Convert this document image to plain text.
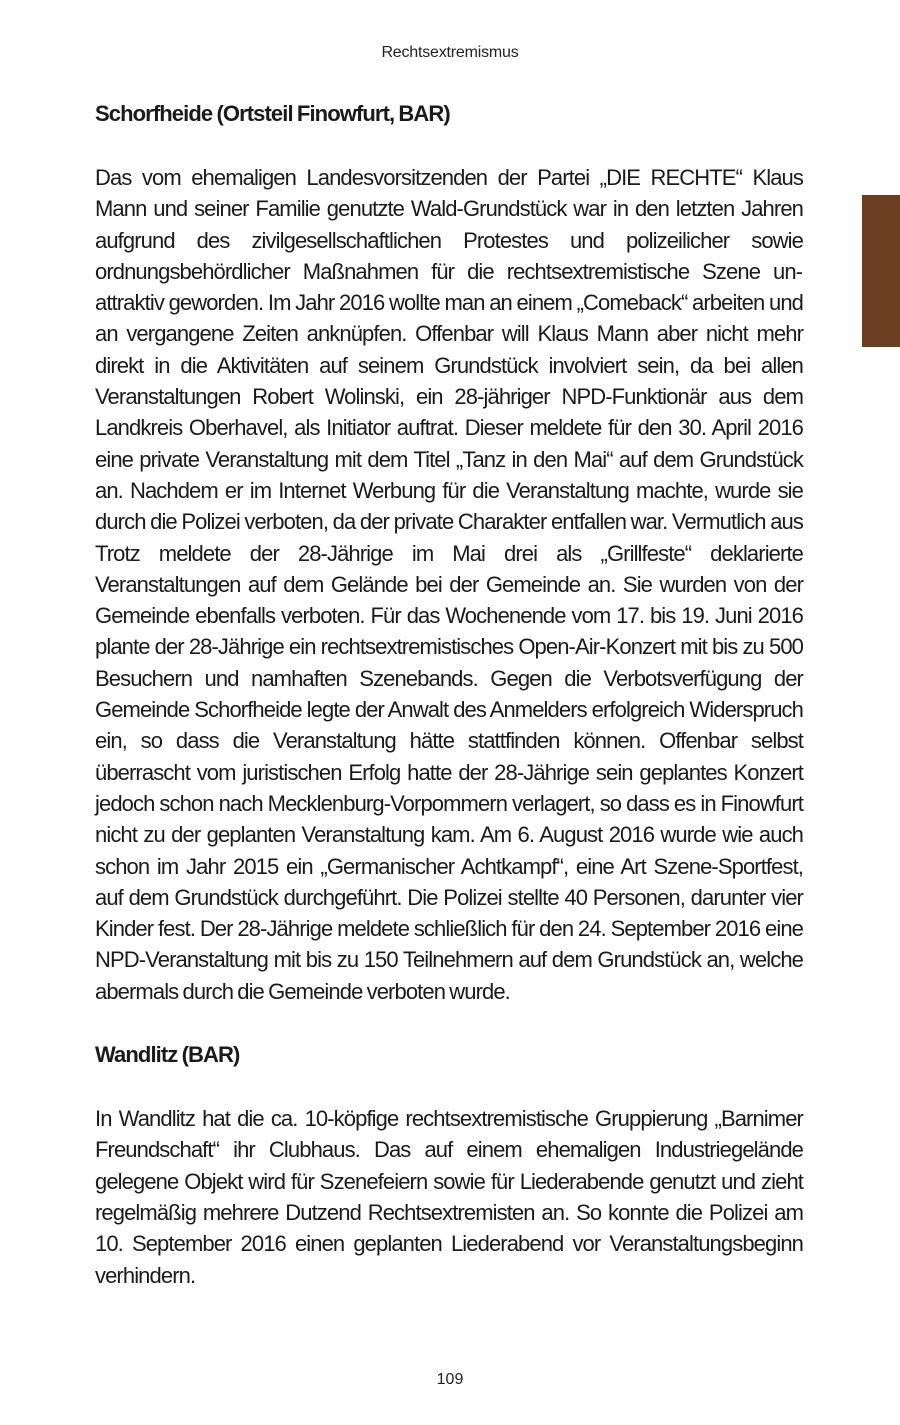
Rechtsextremismus
Schorfheide (Ortsteil Finowfurt, BAR)

Das vom ehemaligen Landesvorsitzenden der Partei „DIE RECHTE“ Klaus Mann und seiner Familie genutzte Wald-Grundstück war in den letzten Jahren aufgrund des zivilgesellschaftlichen Protestes und polizeilicher sowie ordnungsbehördlicher Maßnahmen für die rechtsextremistische Szene unattraktiv geworden. Im Jahr 2016 wollte man an einem „Comeback“ arbeiten und an vergangene Zeiten anknüpfen. Offenbar will Klaus Mann aber nicht mehr direkt in die Aktivitäten auf seinem Grundstück involviert sein, da bei allen Veranstaltungen Robert Wolinski, ein 28-jähriger NPD-Funktionär aus dem Landkreis Oberhavel, als Initiator auftrat. Dieser meldete für den 30. April 2016 eine private Veranstaltung mit dem Titel „Tanz in den Mai“ auf dem Grundstück an. Nachdem er im Internet Werbung für die Veranstaltung machte, wurde sie durch die Polizei verboten, da der private Charakter entfallen war. Vermutlich aus Trotz meldete der 28-Jährige im Mai drei als „Grillfeste“ deklarierte Veranstaltungen auf dem Gelände bei der Gemeinde an. Sie wurden von der Gemeinde ebenfalls verboten. Für das Wochenende vom 17. bis 19. Juni 2016 plante der 28-Jährige ein rechtsextremistisches Open-Air-Konzert mit bis zu 500 Besuchern und namhaften Szenebands. Gegen die Verbotsverfügung der Gemeinde Schorfheide legte der Anwalt des Anmelders erfolgreich Widerspruch ein, so dass die Veranstaltung hätte stattfinden können. Offenbar selbst überrascht vom juristischen Erfolg hatte der 28-Jährige sein geplantes Konzert jedoch schon nach Mecklenburg-Vorpommern verlagert, so dass es in Finowfurt nicht zu der geplanten Veranstaltung kam. Am 6. August 2016 wurde wie auch schon im Jahr 2015 ein „Germanischer Achtkampf“, eine Art Szene-Sportfest, auf dem Grundstück durchgeführt. Die Polizei stellte 40 Personen, darunter vier Kinder fest. Der 28-Jährige meldete schließlich für den 24. September 2016 eine NPD-Veranstaltung mit bis zu 150 Teilnehmern auf dem Grundstück an, welche abermals durch die Gemeinde verboten wurde.

Wandlitz (BAR)

In Wandlitz hat die ca. 10-köpfige rechtsextremistische Gruppierung „Barnimer Freundschaft“ ihr Clubhaus. Das auf einem ehemaligen Industriegelände gelegene Objekt wird für Szenefeiern sowie für Liederabende genutzt und zieht regelmäßig mehrere Dutzend Rechtsextremisten an. So konnte die Polizei am 10. September 2016 einen geplanten Liederabend vor Veranstaltungsbeginn verhindern.

109
